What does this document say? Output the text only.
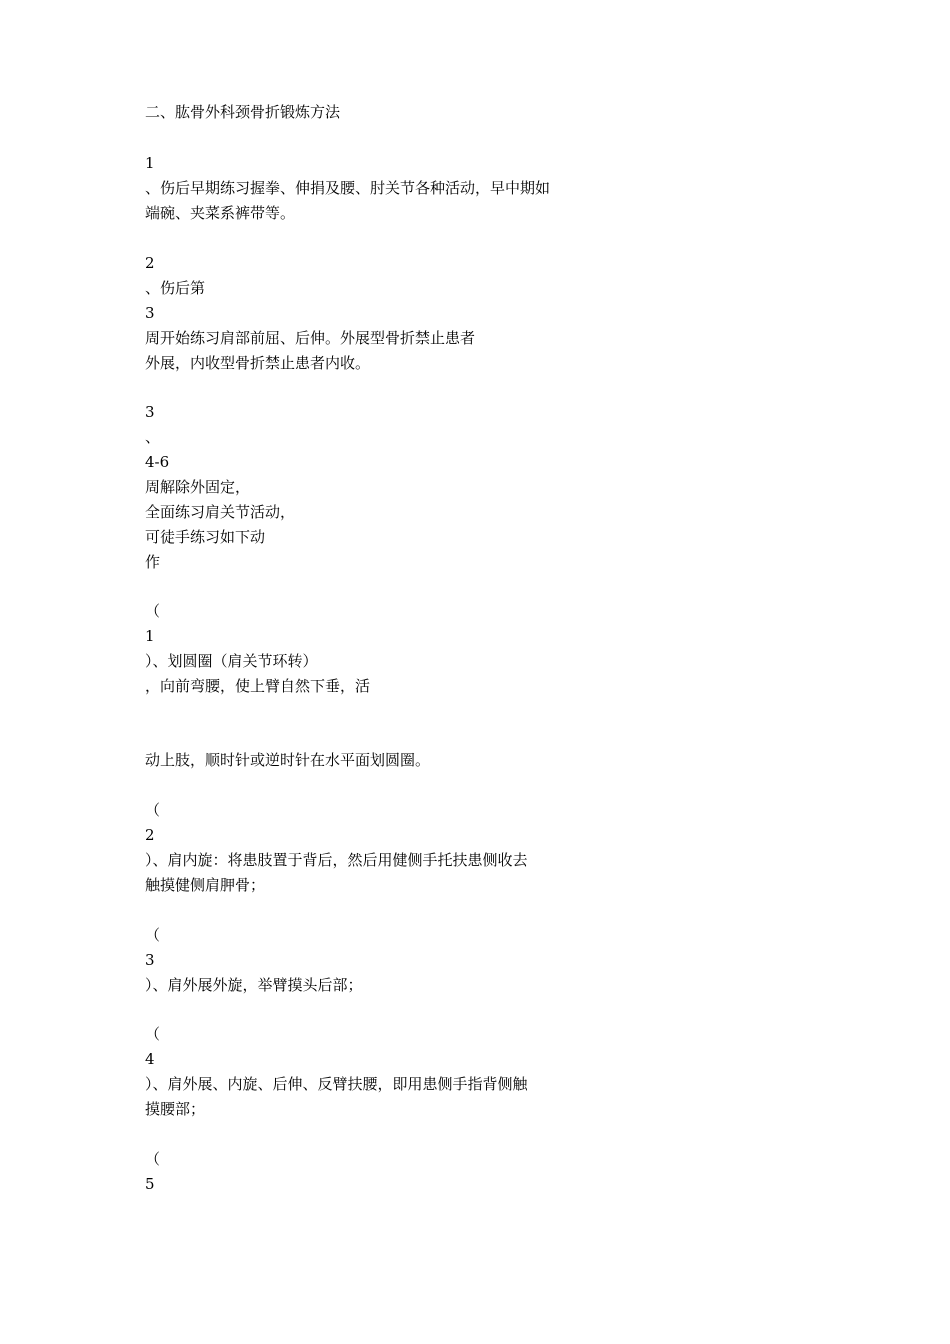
二、肱骨外科颈骨折锻炼方法
1
、伤后早期练习握拳、伸捐及腰、肘关节各种活动，早中期如
端碗、夹菜系裤带等。
2
、伤后第
3
周开始练习肩部前屈、后伸。外展型骨折禁止患者
外展，内收型骨折禁止患者内收。
3
、
4-6
周解除外固定，
全面练习肩关节活动，
可徒手练习如下动
作
（
1
）、划圆圈（肩关节环转）
，向前弯腰，使上臂自然下垂，活
动上肢，顺时针或逆时针在水平面划圆圈。
（
2
）、肩内旋：将患肢置于背后，然后用健侧手托扶患侧收去
触摸健侧肩胛骨；
（
3
）、肩外展外旋，举臂摸头后部；
（
4
）、肩外展、内旋、后伸、反臂扶腰，即用患侧手指背侧触
摸腰部；
（
5
